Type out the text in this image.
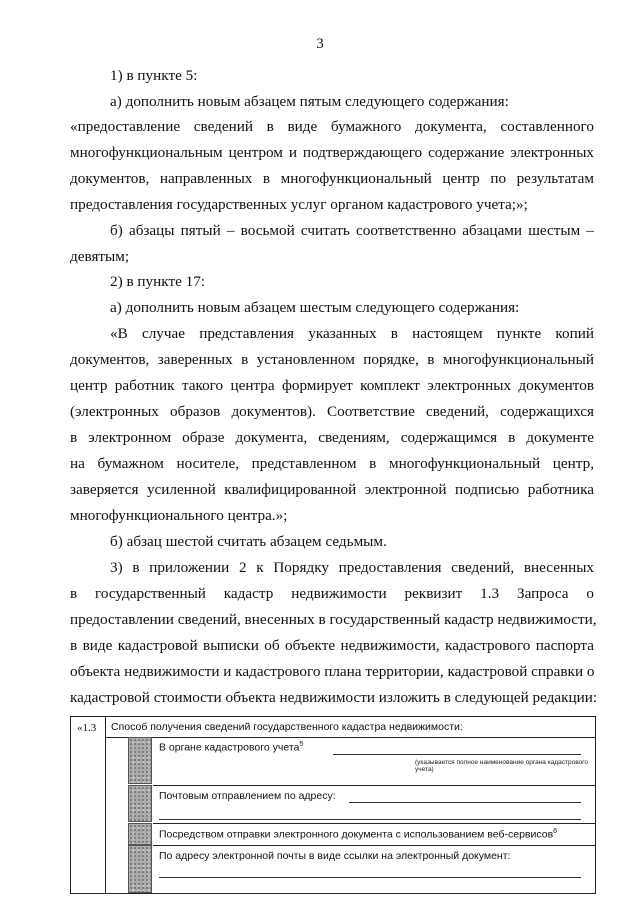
3
1) в пункте 5:
а) дополнить новым абзацем пятым следующего содержания:
«предоставление сведений в виде бумажного документа, составленного
многофункциональным центром и подтверждающего содержание электронных
документов, направленных в многофункциональный центр по результатам
предоставления государственных услуг органом кадастрового учета;»;
б) абзацы пятый – восьмой считать соответственно абзацами шестым –
девятым;
2) в пункте 17:
а) дополнить новым абзацем шестым следующего содержания:
«В случае представления указанных в настоящем пункте копий
документов, заверенных в установленном порядке, в многофункциональный
центр работник такого центра формирует комплект электронных документов
(электронных образов документов). Соответствие сведений, содержащихся
в электронном образе документа, сведениям, содержащимся в документе
на бумажном носителе, представленном в многофункциональный центр,
заверяется усиленной квалифицированной электронной подписью работника
многофункционального центра.»;
б) абзац шестой считать абзацем седьмым.
3) в приложении 2 к Порядку предоставления сведений, внесенных
в государственный кадастр недвижимости реквизит 1.3 Запроса о
предоставлении сведений, внесенных в государственный кадастр недвижимости,
в виде кадастровой выписки об объекте недвижимости, кадастрового паспорта
объекта недвижимости и кадастрового плана территории, кадастровой справки о
кадастровой стоимости объекта недвижимости изложить в следующей редакции:
«1.3 Способ получения сведений государственного кадастра недвижимости:
В органе кадастрового учета$^5$
(указывается полное наименование органа кадастрового учета)
Почтовым отправлением по адресу:
Посредством отправки электронного документа с использованием веб-сервисов$^6$
По адресу электронной почты в виде ссылки на электронный документ:
